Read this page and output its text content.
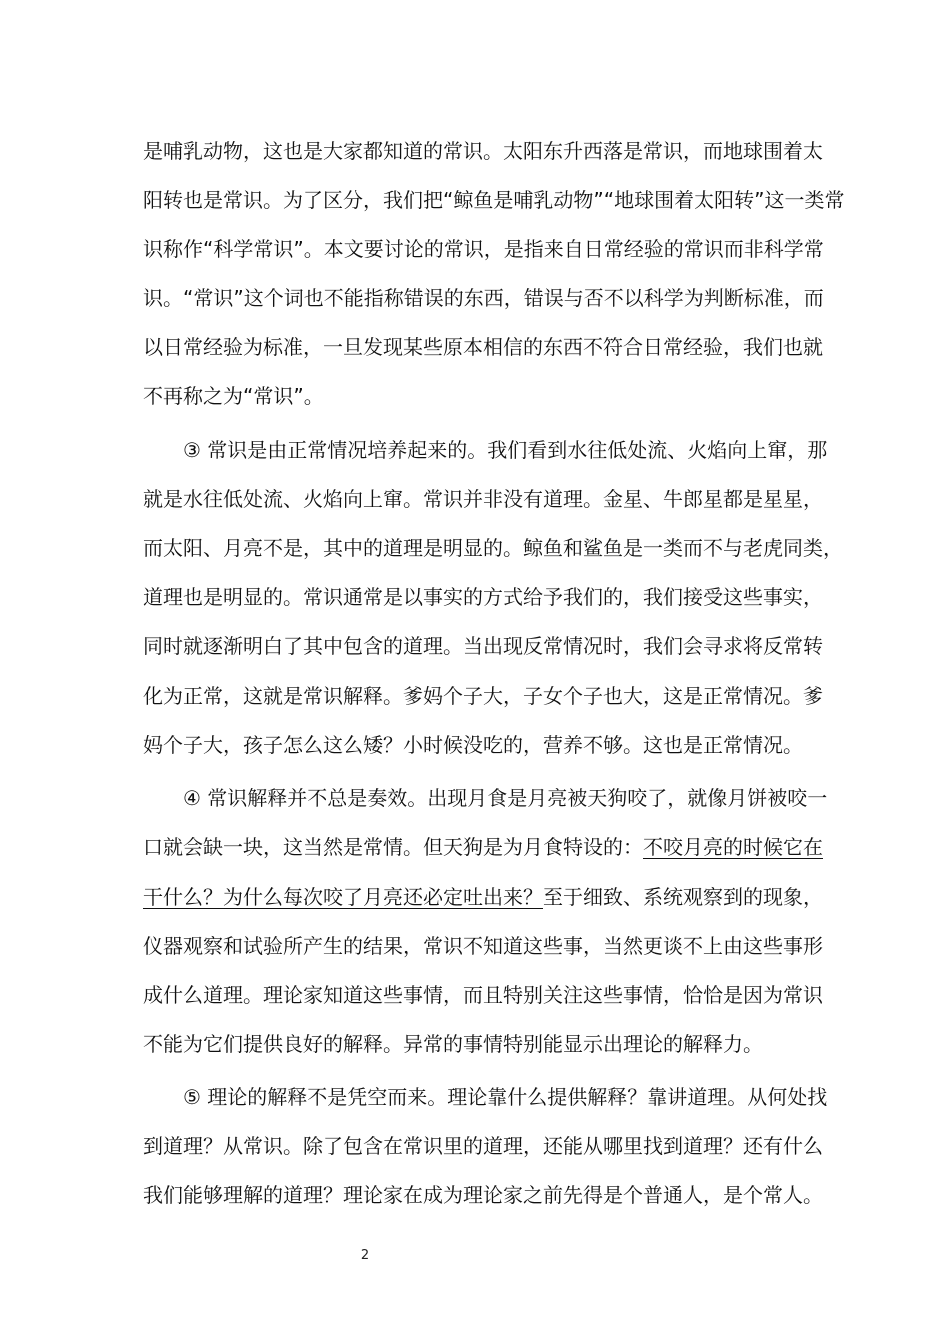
是哺乳动物，这也是大家都知道的常识。太阳东升西落是常识，而地球围着太
阳转也是常识。为了区分，我们把“鲸鱼是哺乳动物”“地球围着太阳转”这一类常
识称作“科学常识”。本文要讨论的常识，是指来自日常经验的常识而非科学常
识。“常识”这个词也不能指称错误的东西，错误与否不以科学为判断标准，而
以日常经验为标准，一旦发现某些原本相信的东西不符合日常经验，我们也就
不再称之为“常识”。
③ 常识是由正常情况培养起来的。我们看到水往低处流、火焰向上窜，那
就是水往低处流、火焰向上窜。常识并非没有道理。金星、牛郎星都是星星，
而太阳、月亮不是，其中的道理是明显的。鲸鱼和鲨鱼是一类而不与老虎同类，
道理也是明显的。常识通常是以事实的方式给予我们的，我们接受这些事实，
同时就逐渐明白了其中包含的道理。当出现反常情况时，我们会寻求将反常转
化为正常，这就是常识解释。爹妈个子大，子女个子也大，这是正常情况。爹
妈个子大，孩子怎么这么矮？小时候没吃的，营养不够。这也是正常情况。
④ 常识解释并不总是奏效。出现月食是月亮被天狗咬了，就像月饼被咬一
口就会缺一块，这当然是常情。但天狗是为月食特设的：不咬月亮的时候它在
干什么？为什么每次咬了月亮还必定吐出来？至于细致、系统观察到的现象，
仪器观察和试验所产生的结果，常识不知道这些事，当然更谈不上由这些事形
成什么道理。理论家知道这些事情，而且特别关注这些事情，恰恰是因为常识
不能为它们提供良好的解释。异常的事情特别能显示出理论的解释力。
⑤ 理论的解释不是凭空而来。理论靠什么提供解释？靠讲道理。从何处找
到道理？从常识。除了包含在常识里的道理，还能从哪里找到道理？还有什么
我们能够理解的道理？理论家在成为理论家之前先得是个普通人，是个常人。
2
